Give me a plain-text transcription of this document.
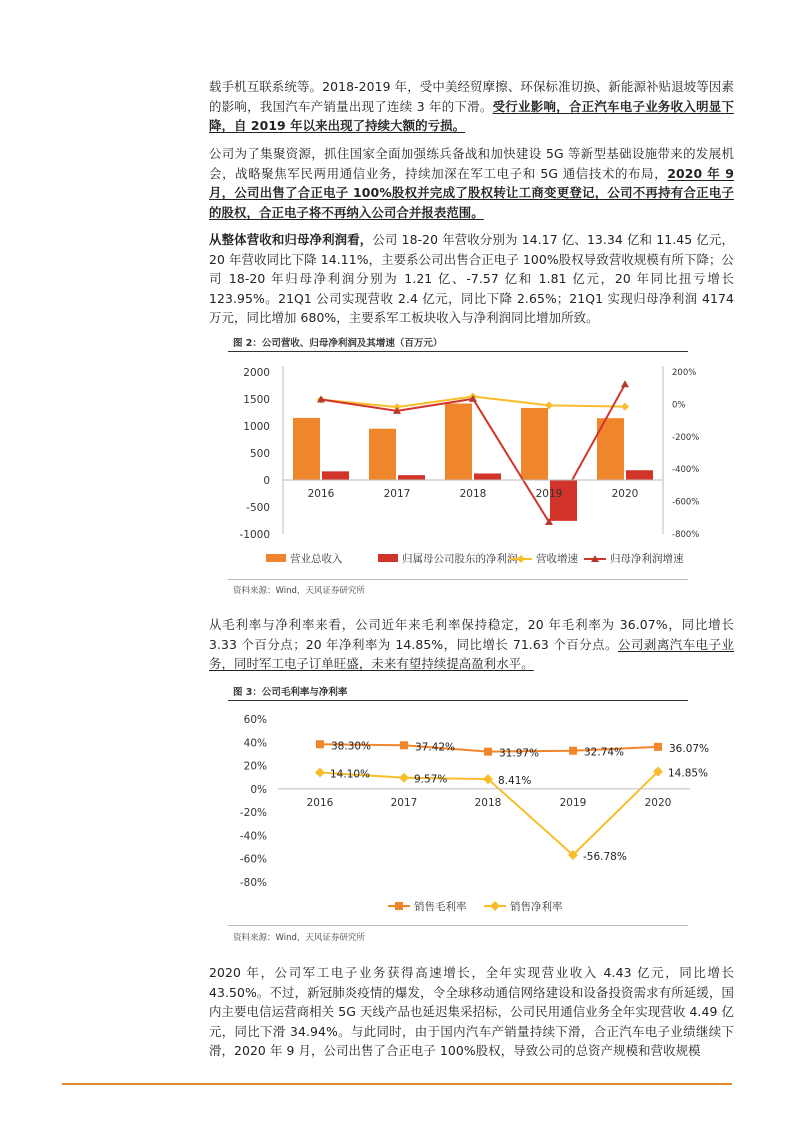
载手机互联系统等。2018-2019 年，受中美经贸摩擦、环保标准切换、新能源补贴退坡等因素的影响，我国汽车产销量出现了连续 3 年的下滑。受行业影响，合正汽车电子业务收入明显下降，自 2019 年以来出现了持续大额的亏损。
公司为了集聚资源，抓住国家全面加强练兵备战和加快建设 5G 等新型基础设施带来的发展机会，战略聚焦军民两用通信业务，持续加深在军工电子和 5G 通信技术的布局，2020 年 9 月，公司出售了合正电子 100%股权并完成了股权转让工商变更登记，公司不再持有合正电子的股权，合正电子将不再纳入公司合并报表范围。
从整体营收和归母净利润看，公司 18-20 年营收分别为 14.17 亿、13.34 亿和 11.45 亿元，20 年营收同比下降 14.11%，主要系公司出售合正电子 100%股权导致营收规模有所下降；公司 18-20 年归母净利润分别为 1.21 亿、-7.57 亿和 1.81 亿元，20 年同比扭亏增长 123.95%。21Q1 公司实现营收 2.4 亿元，同比下降 2.65%；21Q1 实现归母净利润 4174 万元，同比增加 680%，主要系军工板块收入与净利润同比增加所致。
图 2：公司营收、归母净利润及其增速（百万元）
2000
1500
1000
500
0
-500
-1000
200%
0%
-200%
-400%
-600%
-800%
2016	2017	2018	2019	2020
营业总收入	归属母公司股东的净利润 营收增速	归母净利润增速
资料来源：Wind，天风证券研究所
从毛利率与净利率来看，公司近年来毛利率保持稳定，20 年毛利率为 36.07%，同比增长 3.33 个百分点；20 年净利率为 14.85%，同比增长 71.63 个百分点。公司剥离汽车电子业务，同时军工电子订单旺盛，未来有望持续提高盈利水平。
图 3：公司毛利率与净利率
38.30%	37.42%
31.97%	32.74%	36.07%
14.10%	9.57%	8.41%
-56.78%
14.85%
60%
40%
20%
0%
-20%
-40%
-60%
-80%
2016	2017	2018	2019	2020
销售毛利率	销售净利率
资料来源：Wind，天风证券研究所
2020 年，公司军工电子业务获得高速增长，全年实现营业收入 4.43 亿元，同比增长 43.50%。不过，新冠肺炎疫情的爆发，令全球移动通信网络建设和设备投资需求有所延缓，国内主要电信运营商相关 5G 天线产品也延迟集采招标，公司民用通信业务全年实现营收 4.49 亿元，同比下滑 34.94%。与此同时，由于国内汽车产销量持续下滑，合正汽车电子业绩继续下滑，2020 年 9 月，公司出售了合正电子 100%股权，导致公司的总资产规模和营收规模
